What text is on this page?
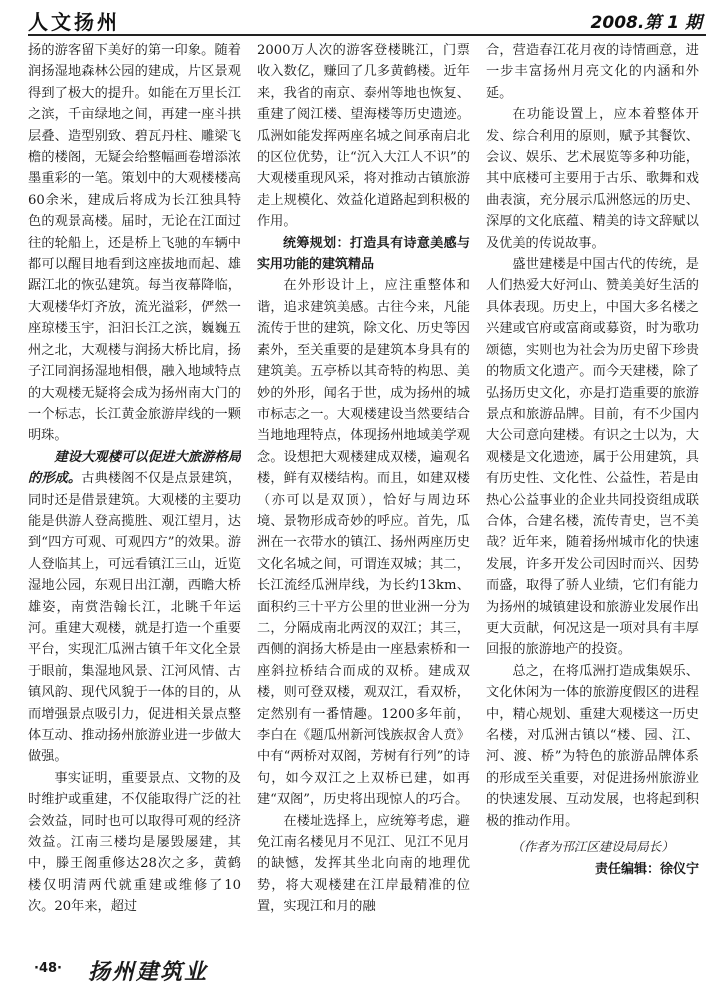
人文扬州	2008.第 1 期

扬的游客留下美好的第一印象。随着润扬湿地森林公园的建成，片区景观得到了极大的提升。如能在万里长江之滨，千亩绿地之间，再建一座斗拱层叠、造型别致、碧瓦丹柱、雕梁飞檐的楼阁，无疑会给整幅画卷增添浓墨重彩的一笔。策划中的大观楼楼高60余米，建成后将成为长江独具特色的观景高楼。届时，无论在江面过往的轮船上，还是桥上飞驰的车辆中都可以醒目地看到这座拔地而起、雄踞江北的恢弘建筑。每当夜幕降临，大观楼华灯齐放，流光溢彩，俨然一座琼楼玉宇，汩汩长江之滨，巍巍五州之北，大观楼与润扬大桥比肩，扬子江同润扬湿地相偎，融入地域特点的大观楼无疑将会成为扬州南大门的一个标志，长江黄金旅游岸线的一颗明珠。

建设大观楼可以促进大旅游格局的形成。古典楼阁不仅是点景建筑，同时还是借景建筑。大观楼的主要功能是供游人登高揽胜、观江望月，达到“四方可观、可观四方”的效果。游人登临其上，可远看镇江三山，近览湿地公园，东观日出江潮，西瞻大桥雄姿，南赏浩翰长江，北眺千年运河。重建大观楼，就是打造一个重要平台，实现汇瓜洲古镇千年文化全景于眼前，集湿地风景、江河风情、古镇风韵、现代风貌于一体的目的，从而增强景点吸引力，促进相关景点整体互动、推动扬州旅游业进一步做大做强。

事实证明，重要景点、文物的及时维护或重建，不仅能取得广泛的社会效益，同时也可以取得可观的经济效益。江南三楼均是屡毁屡建，其中，滕王阁重修达28次之多，黄鹤楼仅明清两代就重建或维修了10次。20年来，超过

2000万人次的游客登楼眺江，门票收入数亿，赚回了几多黄鹤楼。近年来，我省的南京、泰州等地也恢复、重建了阅江楼、望海楼等历史遗迹。瓜洲如能发挥两座名城之间承南启北的区位优势，让“沉入大江人不识”的大观楼重现风采，将对推动古镇旅游走上规模化、效益化道路起到积极的作用。

统筹规划：打造具有诗意美感与实用功能的建筑精品

在外形设计上，应注重整体和谐，追求建筑美感。古往今来，凡能流传于世的建筑，除文化、历史等因素外，至关重要的是建筑本身具有的建筑美。五亭桥以其奇特的构思、美妙的外形，闻名于世，成为扬州的城市标志之一。大观楼建设当然要结合当地地理特点，体现扬州地域美学观念。设想把大观楼建成双楼，遍观名楼，鲜有双楼结构。而且，如建双楼（亦可以是双顶），恰好与周边环境、景物形成奇妙的呼应。首先，瓜洲在一衣带水的镇江、扬州两座历史文化名城之间，可谓连双城；其二，长江流经瓜洲岸线，为长约13km、面积约三十平方公里的世业洲一分为二，分隔成南北两汊的双江；其三，西侧的润扬大桥是由一座悬索桥和一座斜拉桥结合而成的双桥。建成双楼，则可登双楼，观双江，看双桥，定然别有一番情趣。1200多年前，李白在《题瓜州新河饯族叔舍人贲》中有“两桥对双阁，芳树有行列”的诗句，如今双江之上双桥已建，如再建“双阁”，历史将出现惊人的巧合。

在楼址选择上，应统筹考虑，避免江南名楼见月不见江、见江不见月的缺憾，发挥其坐北向南的地理优势，将大观楼建在江岸最精准的位置，实现江和月的融

合，营造春江花月夜的诗情画意，进一步丰富扬州月亮文化的内涵和外延。

在功能设置上，应本着整体开发、综合利用的原则，赋予其餐饮、会议、娱乐、艺术展览等多种功能，其中底楼可主要用于古乐、歌舞和戏曲表演，充分展示瓜洲悠远的历史、深厚的文化底蕴、精美的诗文辞赋以及优美的传说故事。

盛世建楼是中国古代的传统，是人们热爱大好河山、赞美美好生活的具体表现。历史上，中国大多名楼之兴建或官府或富商或募资，时为歌功颂德，实则也为社会为历史留下珍贵的物质文化遗产。而今天建楼，除了弘扬历史文化，亦是打造重要的旅游景点和旅游品牌。目前，有不少国内大公司意向建楼。有识之士以为，大观楼是文化遗迹，属于公用建筑，具有历史性、文化性、公益性，若是由热心公益事业的企业共同投资组成联合体，合建名楼，流传青史，岂不美哉？近年来，随着扬州城市化的快速发展，许多开发公司因时而兴、因势而盛，取得了骄人业绩，它们有能力为扬州的城镇建设和旅游业发展作出更大贡献，何况这是一项对具有丰厚回报的旅游地产的投资。

总之，在将瓜洲打造成集娱乐、文化休闲为一体的旅游度假区的进程中，精心规划、重建大观楼这一历史名楼，对瓜洲古镇以“楼、园、江、河、渡、桥”为特色的旅游品牌体系的形成至关重要，对促进扬州旅游业的快速发展、互动发展，也将起到积极的推动作用。

（作者为邗江区建设局局长）
责任编辑：徐仪宁
·48· 扬州建筑业
